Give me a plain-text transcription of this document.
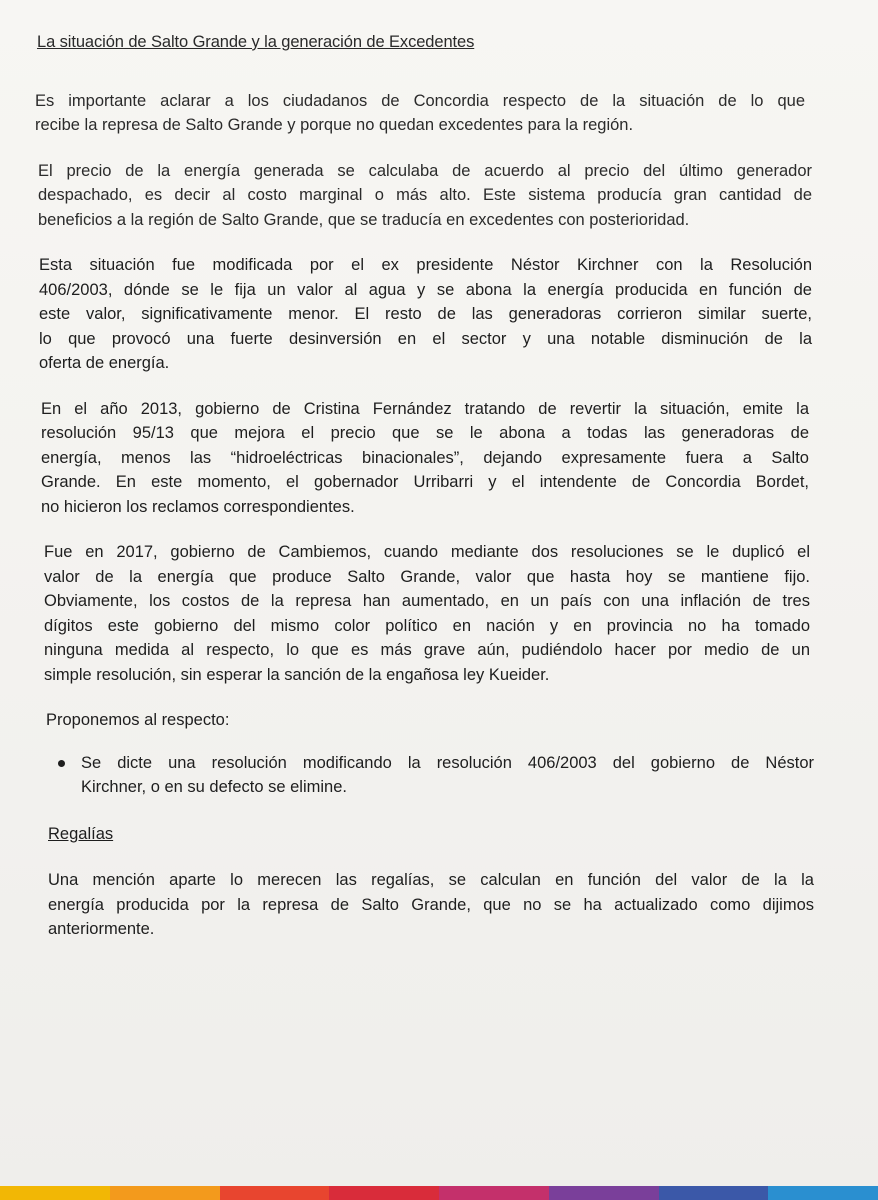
La situación de Salto Grande y la generación de Excedentes
Es importante aclarar a los ciudadanos de Concordia respecto de la situación de lo que
recibe la represa de Salto Grande y porque no quedan excedentes para la región.
El precio de la energía generada se calculaba de acuerdo al precio del último generador
despachado, es decir al costo marginal o más alto. Este sistema producía gran cantidad de
beneficios a la región de Salto Grande, que se traducía en excedentes con posterioridad.
Esta situación fue modificada por el ex presidente Néstor Kirchner con la Resolución
406/2003, dónde se le fija un valor al agua y se abona la energía producida en función de
este valor, significativamente menor. El resto de las generadoras corrieron similar suerte,
lo que provocó una fuerte desinversión en el sector y una notable disminución de la
oferta de energía.
En el año 2013, gobierno de Cristina Fernández tratando de revertir la situación, emite la
resolución 95/13 que mejora el precio que se le abona a todas las generadoras de
energía, menos las “hidroeléctricas binacionales”, dejando expresamente fuera a Salto
Grande. En este momento, el gobernador Urribarri y el intendente de Concordia Bordet,
no hicieron los reclamos correspondientes.
Fue en 2017, gobierno de Cambiemos, cuando mediante dos resoluciones se le duplicó el
valor de la energía que produce Salto Grande, valor que hasta hoy se mantiene fijo.
Obviamente, los costos de la represa han aumentado, en un país con una inflación de tres
dígitos este gobierno del mismo color político en nación y en provincia no ha tomado
ninguna medida al respecto, lo que es más grave aún, pudiéndolo hacer por medio de un
simple resolución, sin esperar la sanción de la engañosa ley Kueider.
Proponemos al respecto:
Se dicte una resolución modificando la resolución 406/2003 del gobierno de Néstor
Kirchner, o en su defecto se elimine.
Regalías
Una mención aparte lo merecen las regalías, se calculan en función del valor de la la
energía producida por la represa de Salto Grande, que no se ha actualizado como dijimos
anteriormente.
